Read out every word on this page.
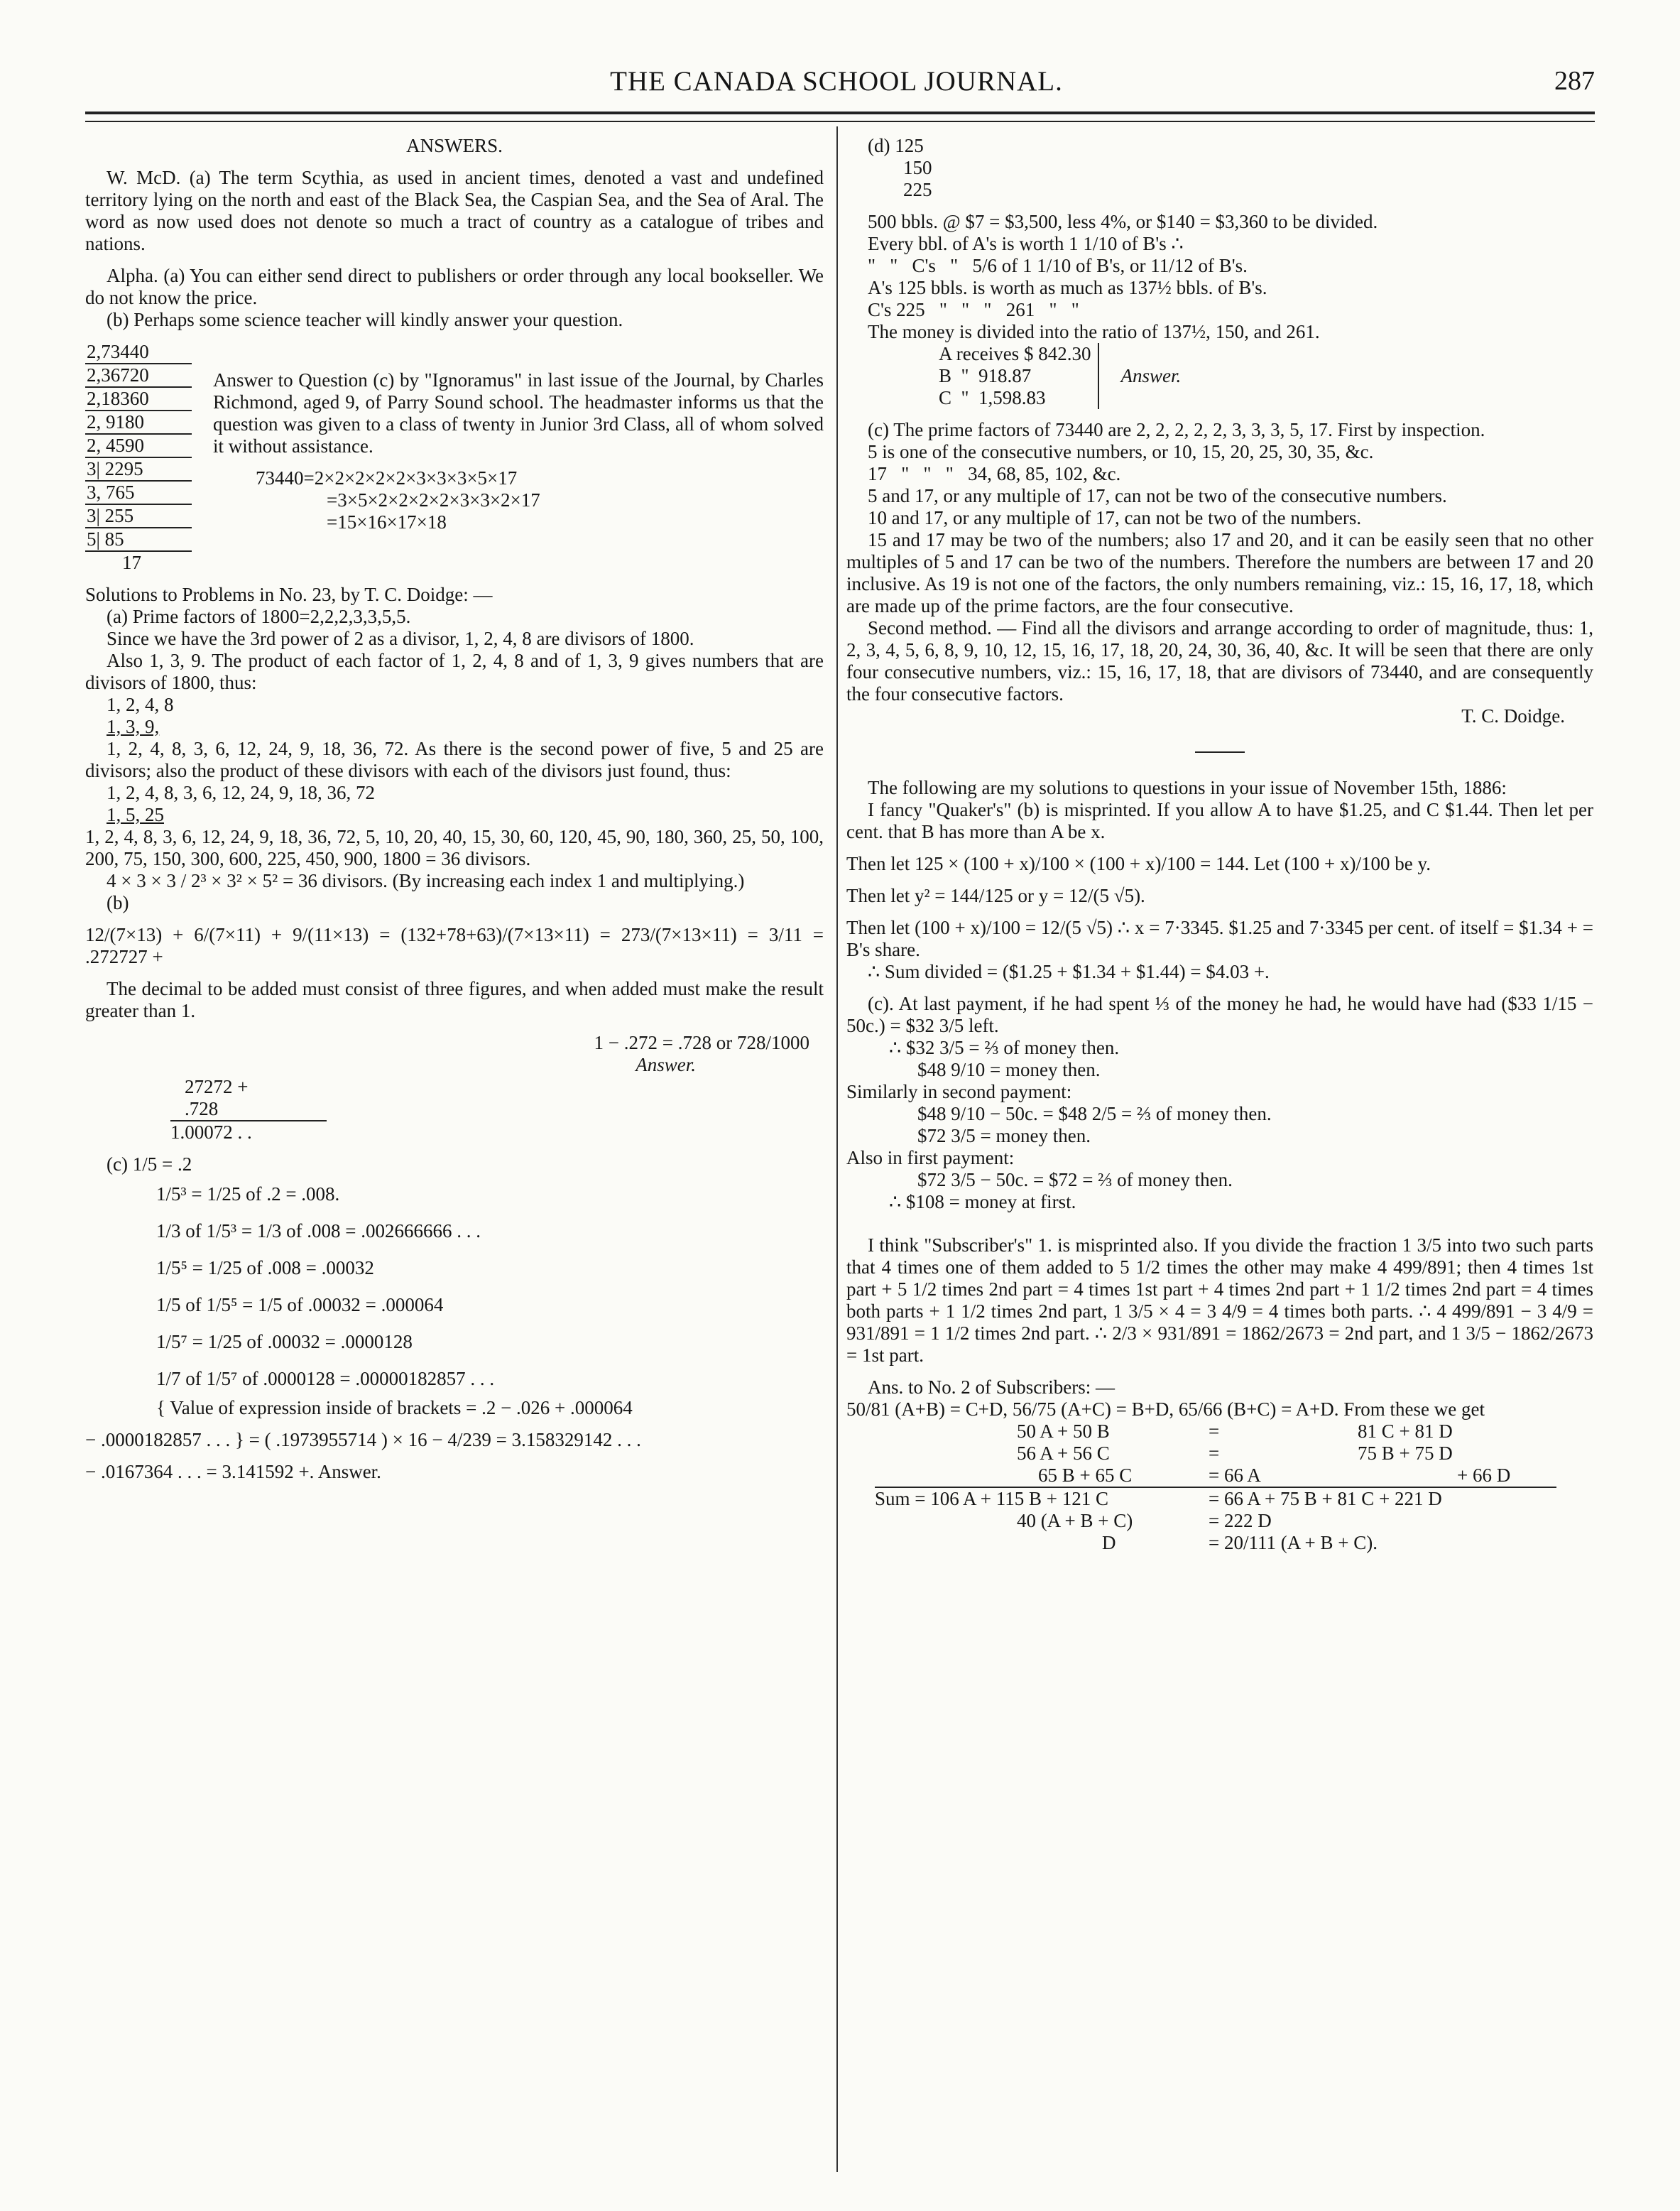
THE CANADA SCHOOL JOURNAL.	287

ANSWERS.

W. McD. (a) The term Scythia, as used in ancient times, denoted a vast and undefined territory lying on the north and east of the Black Sea, the Caspian Sea, and the Sea of Aral. The word as now used does not denote so much a tract of country as a catalogue of tribes and nations.

Alpha. (a) You can either send direct to publishers or order through any local bookseller. We do not know the price.

(b) Perhaps some science teacher will kindly answer your question.

2,73440
2,36720
2,18360
2, 9180
2, 4590
3| 2295
3, 765
3| 255
5| 85
17

Answer to Question (c) by "Ignoramus" in last issue of the Journal, by Charles Richmond, aged 9, of Parry Sound school. The headmaster informs us that the question was given to a class of twenty in Junior 3rd Class, all of whom solved it without assistance.

73440=2×2×2×2×2×3×3×3×5×17
=3×5×2×2×2×2×3×3×2×17
=15×16×17×18

Solutions to Problems in No. 23, by T. C. Doidge: —

(a) Prime factors of 1800=2,2,2,3,3,5,5.

Since we have the 3rd power of 2 as a divisor, 1, 2, 4, 8 are divisors of 1800.

Also 1, 3, 9. The product of each factor of 1, 2, 4, 8 and of 1, 3, 9 gives numbers that are divisors of 1800, thus:

1, 2, 4, 8

1, 3, 9,

1, 2, 4, 8, 3, 6, 12, 24, 9, 18, 36, 72. As there is the second power of five, 5 and 25 are divisors; also the product of these divisors with each of the divisors just found, thus:

1, 2, 4, 8, 3, 6, 12, 24, 9, 18, 36, 72

1, 5, 25

1, 2, 4, 8, 3, 6, 12, 24, 9, 18, 36, 72, 5, 10, 20, 40, 15, 30, 60, 120, 45, 90, 180, 360, 25, 50, 100, 200, 75, 150, 300, 600, 225, 450, 900, 1800 = 36 divisors.

4 × 3 × 3 / 2³ × 3² × 5² = 36 divisors. (By increasing each index 1 and multiplying.)

(b)

12/(7×13) + 6/(7×11) + 9/(11×13) = (132+78+63)/(7×13×11) = 273/(7×13×11) = 3/11 = .272727 +

The decimal to be added must consist of three figures, and when added must make the result greater than 1.

1 − .272 = .728 or 728/1000

Answer.

27272 +
.728
1.00072 . .

(c) 1/5 = .2

1/5³ = 1/25 of .2 = .008.
1/3 of 1/5³ = 1/3 of .008 = .002666666 . . .
1/5⁵ = 1/25 of .008 = .00032
1/5 of 1/5⁵ = 1/5 of .00032 = .000064
1/5⁷ = 1/25 of .00032 = .0000128
1/7 of 1/5⁷ of .0000128 = .00000182857 . . .

{ Value of expression inside of brackets = .2 − .026 + .000064

− .0000182857 . . . } = ( .1973955714 ) × 16 − 4/239 = 3.158329142 . . .

− .0167364 . . . = 3.141592 +. Answer.

(d) 125
150
225

500 bbls. @ $7 = $3,500, less 4%, or $140 = $3,360 to be divided.

Every bbl. of A's is worth 1 1/10 of B's ∴

"   "   C's   "   5/6 of 1 1/10 of B's, or 11/12 of B's.

A's 125 bbls. is worth as much as 137½ bbls. of B's.

C's 225   "   "   "   261   "   "

The money is divided into the ratio of 137½, 150, and 261.

A receives $ 842.30
B  "  918.87
C  "  1,598.83
Answer.

(c) The prime factors of 73440 are 2, 2, 2, 2, 2, 3, 3, 3, 5, 17. First by inspection.

5 is one of the consecutive numbers, or 10, 15, 20, 25, 30, 35, &c.

17   "   "   "   34, 68, 85, 102, &c.

5 and 17, or any multiple of 17, can not be two of the consecutive numbers.

10 and 17, or any multiple of 17, can not be two of the numbers.

15 and 17 may be two of the numbers; also 17 and 20, and it can be easily seen that no other multiples of 5 and 17 can be two of the numbers. Therefore the numbers are between 17 and 20 inclusive. As 19 is not one of the factors, the only numbers remaining, viz.: 15, 16, 17, 18, which are made up of the prime factors, are the four consecutive.

Second method. — Find all the divisors and arrange according to order of magnitude, thus: 1, 2, 3, 4, 5, 6, 8, 9, 10, 12, 15, 16, 17, 18, 20, 24, 30, 36, 40, &c. It will be seen that there are only four consecutive numbers, viz.: 15, 16, 17, 18, that are divisors of 73440, and are consequently the four consecutive factors.

T. C. Doidge.

The following are my solutions to questions in your issue of November 15th, 1886:

I fancy "Quaker's" (b) is misprinted. If you allow A to have $1.25, and C $1.44. Then let per cent. that B has more than A be x.

Then let 125 × (100 + x)/100 × (100 + x)/100 = 144. Let (100 + x)/100 be y.

Then let y² = 144/125 or y = 12/(5 √5).

Then let (100 + x)/100 = 12/(5 √5) ∴ x = 7·3345. $1.25 and 7·3345 per cent. of itself = $1.34 + = B's share.

∴ Sum divided = ($1.25 + $1.34 + $1.44) = $4.03 +.

(c). At last payment, if he had spent ⅓ of the money he had, he would have had ($33 1/15 − 50c.) = $32 3/5 left.

∴ $32 3/5 = ⅔ of money then.

$48 9/10 = money then.

Similarly in second payment:

$48 9/10 − 50c. = $48 2/5 = ⅔ of money then.

$72 3/5 = money then.

Also in first payment:

$72 3/5 − 50c. = $72 = ⅔ of money then.

∴ $108 = money at first.

I think "Subscriber's" 1. is misprinted also. If you divide the fraction 1 3/5 into two such parts that 4 times one of them added to 5 1/2 times the other may make 4 499/891; then 4 times 1st part + 5 1/2 times 2nd part = 4 times 1st part + 4 times 2nd part + 1 1/2 times 2nd part = 4 times both parts + 1 1/2 times 2nd part, 1 3/5 × 4 = 3 4/9 = 4 times both parts. ∴ 4 499/891 − 3 4/9 = 931/891 = 1 1/2 times 2nd part. ∴ 2/3 × 931/891 = 1862/2673 = 2nd part, and 1 3/5 − 1862/2673 = 1st part.

Ans. to No. 2 of Subscribers: —

50/81 (A+B) = C+D, 56/75 (A+C) = B+D, 65/66 (B+C) = A+D. From these we get

50 A + 50 B	=	81 C + 81 D
56 A + 56 C	=	75 B + 75 D
65 B + 65 C	= 66 A	+ 66 D
Sum = 106 A + 115 B + 121 C	= 66 A + 75 B + 81 C + 221 D
40 (A + B + C)	= 222 D
D	= 20/111 (A + B + C).
